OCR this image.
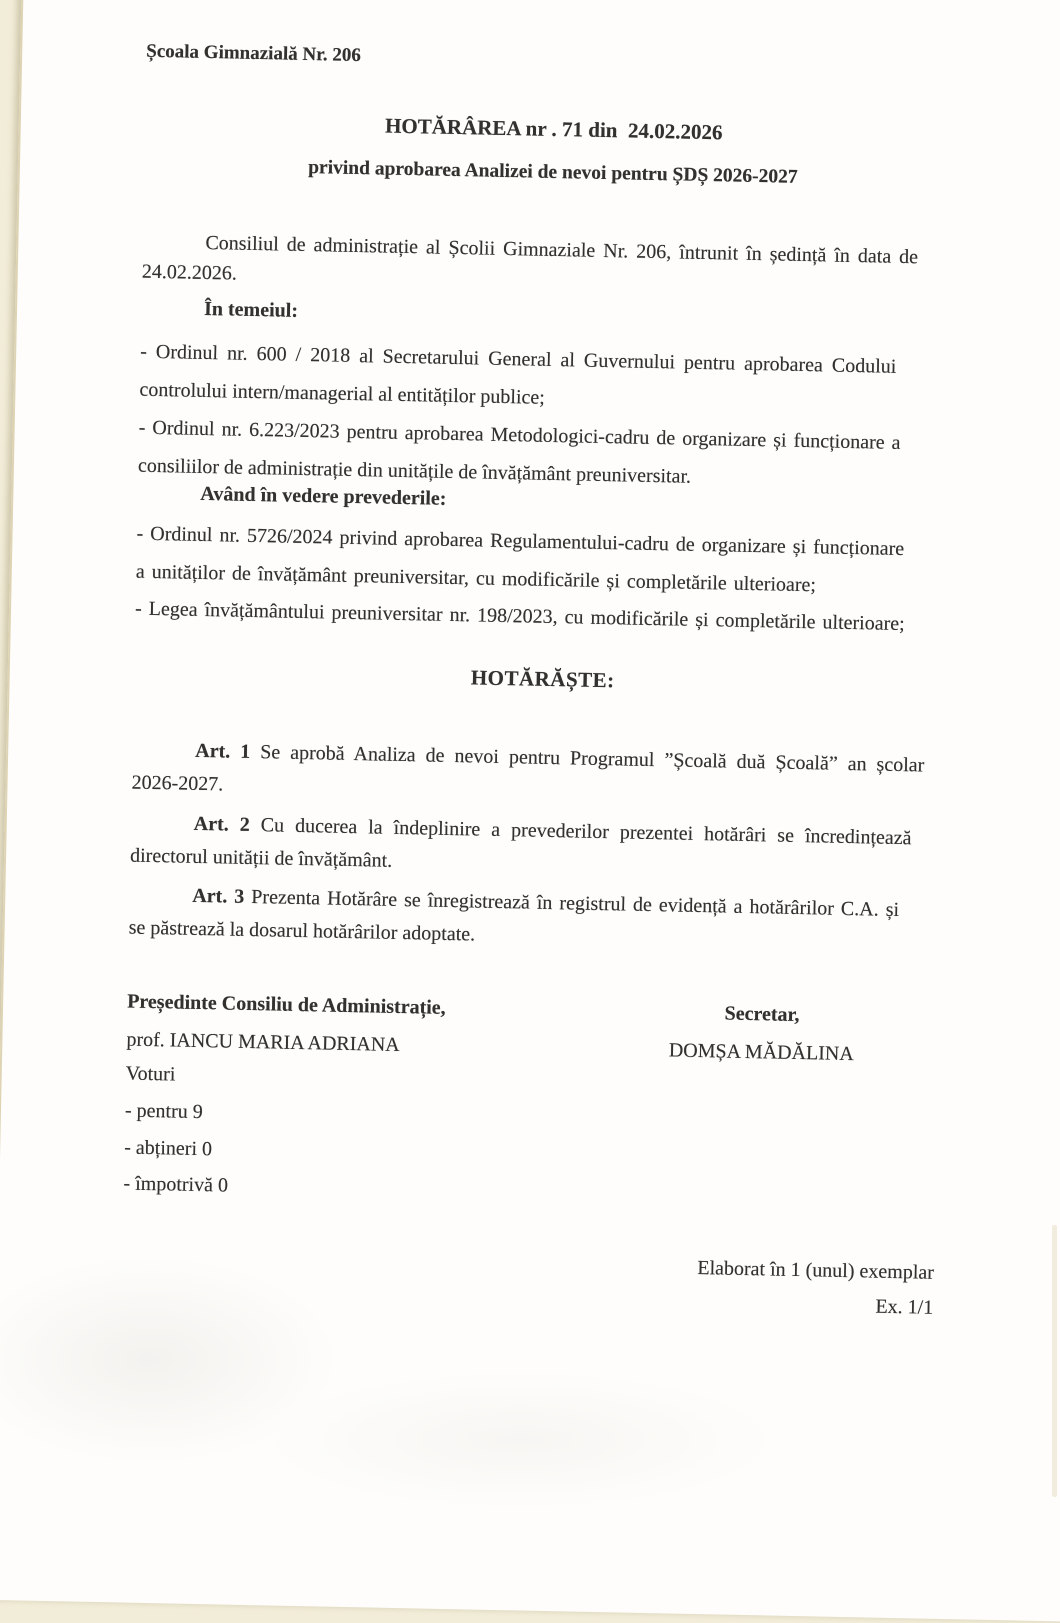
Școala Gimnazială Nr. 206
HOTĂRÂREA nr . 71 din  24.02.2026
privind aprobarea Analizei de nevoi pentru ȘDȘ 2026-2027
Consiliul de administrație al Școlii Gimnaziale Nr. 206, întrunit în ședință în data de
24.02.2026.
În temeiul:
- Ordinul nr. 600 / 2018 al Secretarului General al Guvernului pentru aprobarea Codului
controlului intern/managerial al entităților publice;
- Ordinul nr. 6.223/2023 pentru aprobarea Metodologici-cadru de organizare și funcționare a
consiliilor de administrație din unitățile de învățământ preuniversitar.
Având în vedere prevederile:
- Ordinul nr. 5726/2024 privind aprobarea Regulamentului-cadru de organizare și funcționare
a unităților de învățământ preuniversitar, cu modificările și completările ulterioare;
- Legea învățământului preuniversitar nr. 198/2023, cu modificările și completările ulterioare;
HOTĂRĂȘTE:
Art. 1 Se aprobă Analiza de nevoi pentru Programul ”Școală duă Școală” an școlar
2026-2027.
Art. 2 Cu ducerea la îndeplinire a prevederilor prezentei hotărâri se încredințează
directorul unității de învățământ.
Art. 3 Prezenta Hotărâre se înregistrează în registrul de evidență a hotărârilor C.A. și
se păstrează la dosarul hotărârilor adoptate.
Președinte Consiliu de Administrație,
prof. IANCU MARIA ADRIANA
Secretar,
DOMȘA MĂDĂLINA
Voturi
- pentru 9
- abțineri 0
- împotrivă 0
Elaborat în 1 (unul) exemplar
Ex. 1/1
